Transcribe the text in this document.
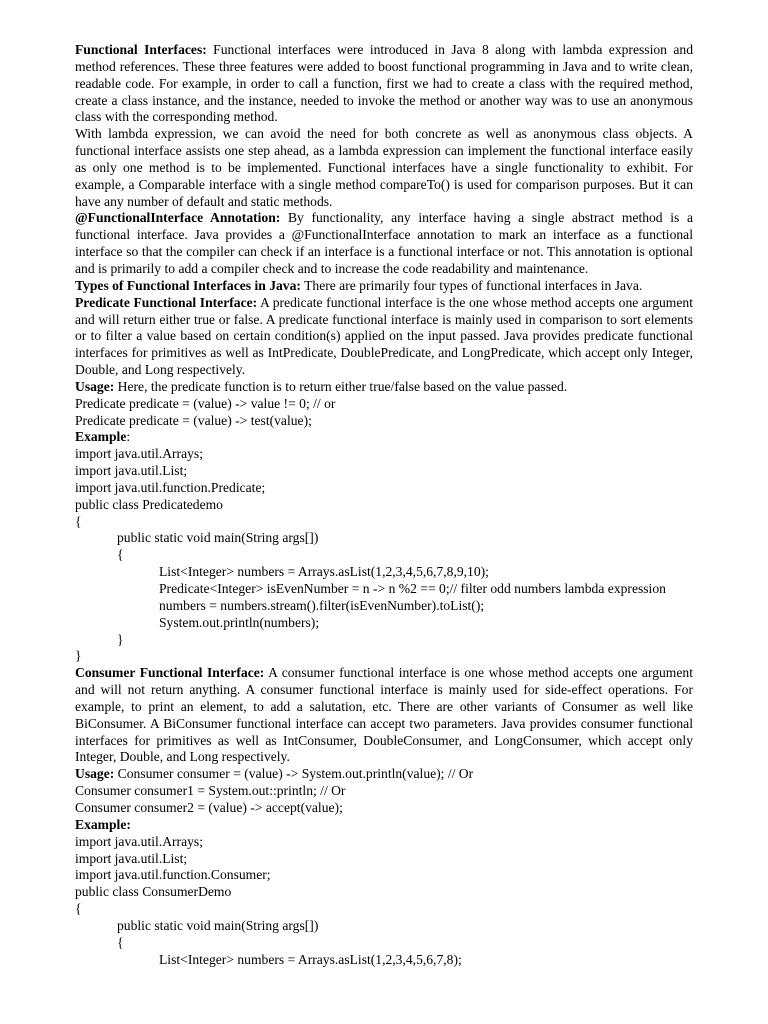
Functional Interfaces: Functional interfaces were introduced in Java 8 along with lambda expression and method references. These three features were added to boost functional programming in Java and to write clean, readable code. For example, in order to call a function, first we had to create a class with the required method, create a class instance, and the instance, needed to invoke the method or another way was to use an anonymous class with the corresponding method.

With lambda expression, we can avoid the need for both concrete as well as anonymous class objects. A functional interface assists one step ahead, as a lambda expression can implement the functional interface easily as only one method is to be implemented. Functional interfaces have a single functionality to exhibit. For example, a Comparable interface with a single method compareTo() is used for comparison purposes. But it can have any number of default and static methods.

@FunctionalInterface Annotation: By functionality, any interface having a single abstract method is a functional interface. Java provides a @FunctionalInterface annotation to mark an interface as a functional interface so that the compiler can check if an interface is a functional interface or not. This annotation is optional and is primarily to add a compiler check and to increase the code readability and maintenance.

Types of Functional Interfaces in Java: There are primarily four types of functional interfaces in Java.

Predicate Functional Interface: A predicate functional interface is the one whose method accepts one argument and will return either true or false. A predicate functional interface is mainly used in comparison to sort elements or to filter a value based on certain condition(s) applied on the input passed. Java provides predicate functional interfaces for primitives as well as IntPredicate, DoublePredicate, and LongPredicate, which accept only Integer, Double, and Long respectively.

Usage: Here, the predicate function is to return either true/false based on the value passed.

Predicate predicate = (value) -> value != 0; // or
Predicate predicate = (value) -> test(value);
Example:
import java.util.Arrays;
import java.util.List;
import java.util.function.Predicate;
public class Predicatedemo
{
public static void main(String args[])
{
List<Integer> numbers = Arrays.asList(1,2,3,4,5,6,7,8,9,10);
Predicate<Integer> isEvenNumber = n -> n %2 == 0;// filter odd numbers lambda expression
numbers = numbers.stream().filter(isEvenNumber).toList();
System.out.println(numbers);
}
}

Consumer Functional Interface: A consumer functional interface is one whose method accepts one argument and will not return anything. A consumer functional interface is mainly used for side-effect operations. For example, to print an element, to add a salutation, etc. There are other variants of Consumer as well like BiConsumer. A BiConsumer functional interface can accept two parameters. Java provides consumer functional interfaces for primitives as well as IntConsumer, DoubleConsumer, and LongConsumer, which accept only Integer, Double, and Long respectively.

Usage: Consumer consumer = (value) -> System.out.println(value); // Or
Consumer consumer1 = System.out::println; // Or
Consumer consumer2 = (value) -> accept(value);
Example:
import java.util.Arrays;
import java.util.List;
import java.util.function.Consumer;
public class ConsumerDemo
{
public static void main(String args[])
{
List<Integer> numbers = Arrays.asList(1,2,3,4,5,6,7,8);
